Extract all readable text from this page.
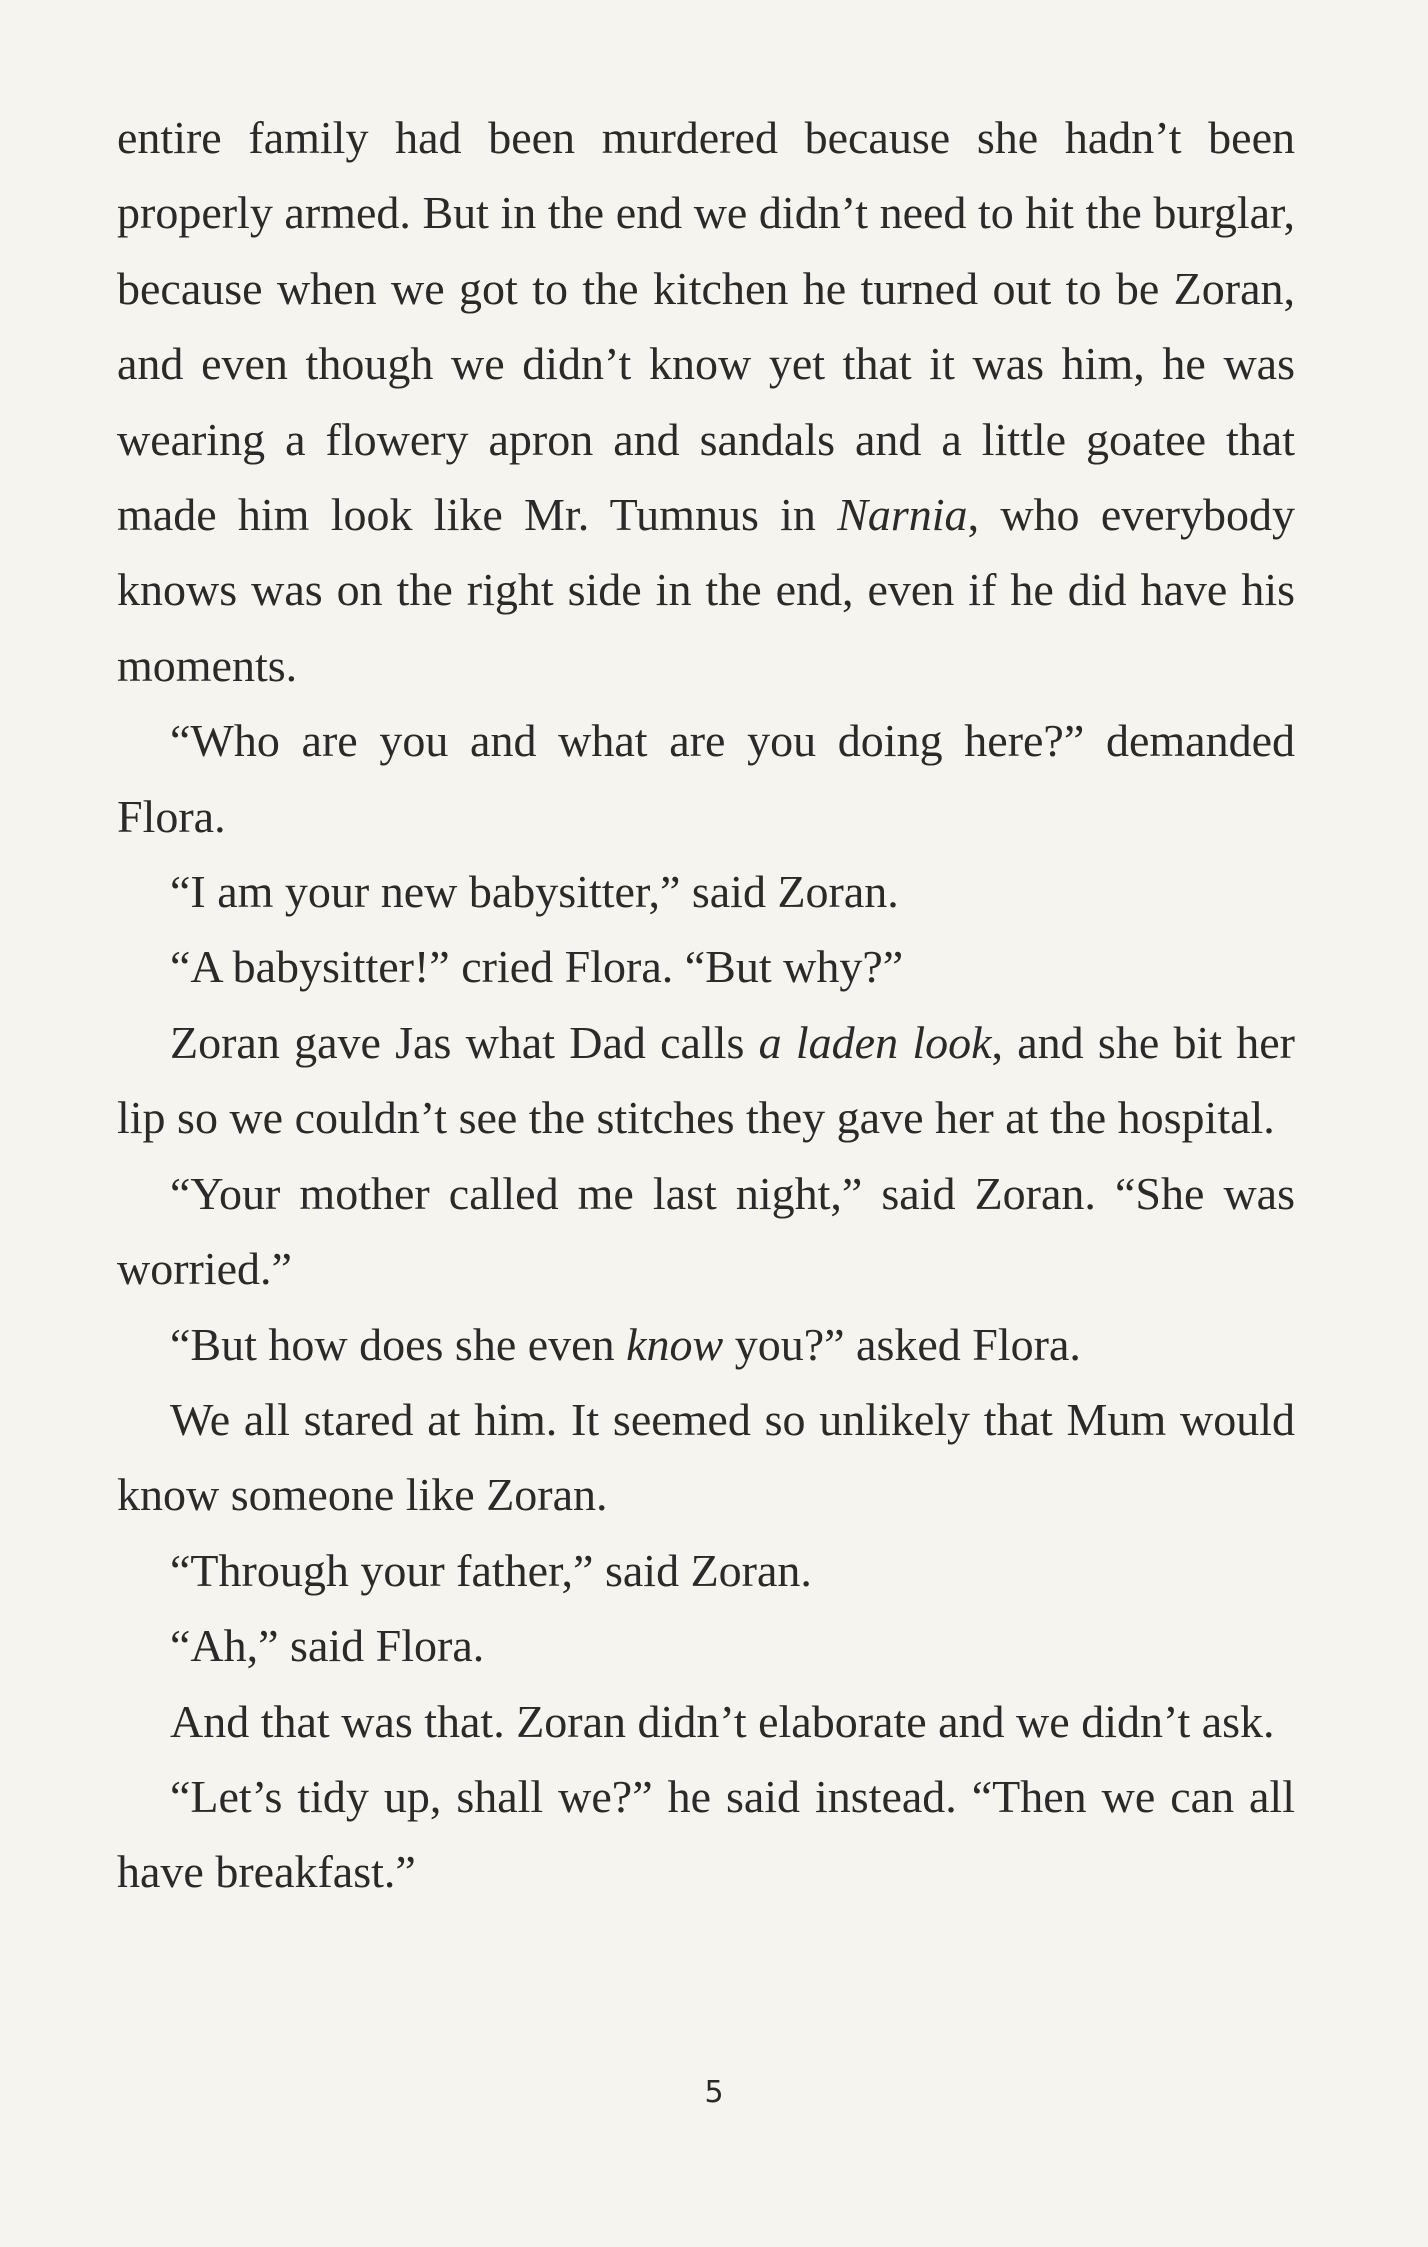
entire family had been murdered because she hadn’t been properly armed. But in the end we didn’t need to hit the burglar, because when we got to the kitchen he turned out to be Zoran, and even though we didn’t know yet that it was him, he was wearing a flowery apron and sandals and a little goatee that made him look like Mr. Tumnus in Narnia, who everybody knows was on the right side in the end, even if he did have his moments.

“Who are you and what are you doing here?” demanded Flora.

“I am your new babysitter,” said Zoran.

“A babysitter!” cried Flora. “But why?”

Zoran gave Jas what Dad calls a laden look, and she bit her lip so we couldn’t see the stitches they gave her at the hospital.

“Your mother called me last night,” said Zoran. “She was worried.”

“But how does she even know you?” asked Flora.

We all stared at him. It seemed so unlikely that Mum would know someone like Zoran.

“Through your father,” said Zoran.

“Ah,” said Flora.

And that was that. Zoran didn’t elaborate and we didn’t ask.

“Let’s tidy up, shall we?” he said instead. “Then we can all have breakfast.”

5
